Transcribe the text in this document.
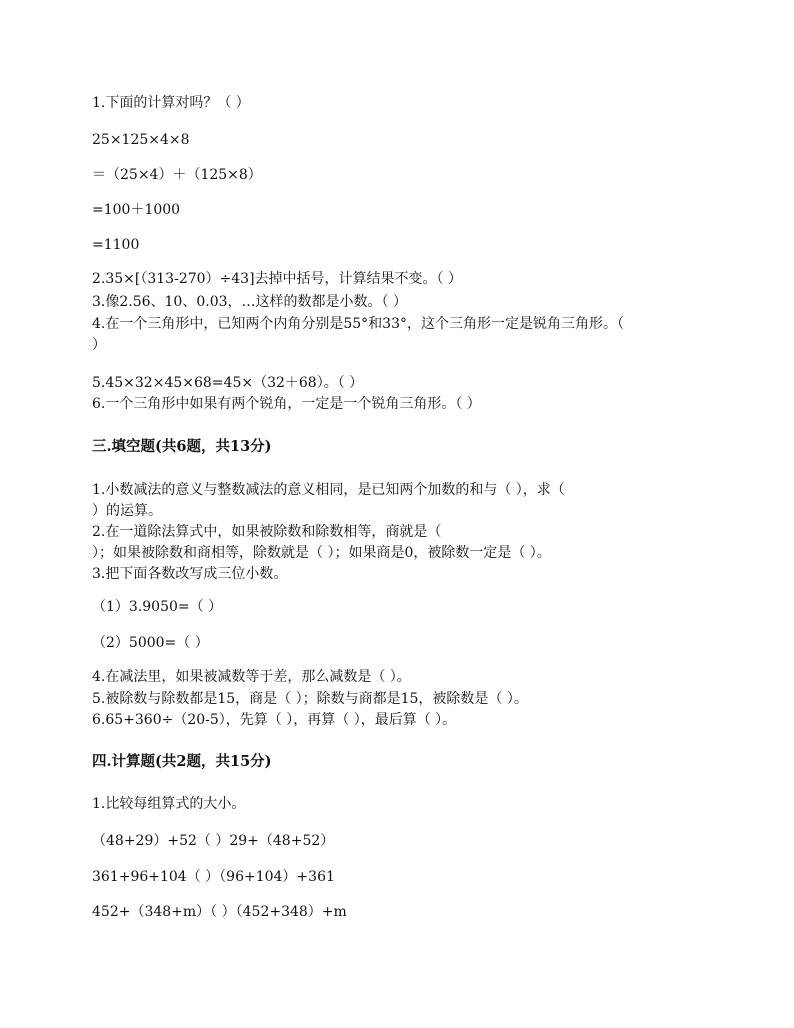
1.下面的计算对吗？（ ）
25×125×4×8
＝（25×4）＋（125×8）
=100＋1000
=1100
2.35×[（313-270）÷43]去掉中括号，计算结果不变。（ ）
3.像2.56、10、0.03，…这样的数都是小数。（ ）
4.在一个三角形中，已知两个内角分别是55°和33°，这个三角形一定是锐角三角形。（
）
5.45×32×45×68=45×（32＋68）。（ ）
6.一个三角形中如果有两个锐角，一定是一个锐角三角形。（ ）
三.填空题(共6题，共13分)
1.小数减法的意义与整数减法的意义相同，是已知两个加数的和与（ ），求（
）的运算。
2.在一道除法算式中，如果被除数和除数相等，商就是（
）；如果被除数和商相等，除数就是（ ）；如果商是0，被除数一定是（ ）。
3.把下面各数改写成三位小数。
（1）3.9050=（ ）
（2）5000=（ ）
4.在减法里，如果被减数等于差，那么减数是（ ）。
5.被除数与除数都是15，商是（ ）；除数与商都是15，被除数是（ ）。
6.65+360÷（20-5），先算（ ），再算（ ），最后算（ ）。
四.计算题(共2题，共15分)
1.比较每组算式的大小。
（48+29）+52（ ）29+（48+52）
361+96+104（ ）（96+104）+361
452+（348+m）（ ）（452+348）+m
